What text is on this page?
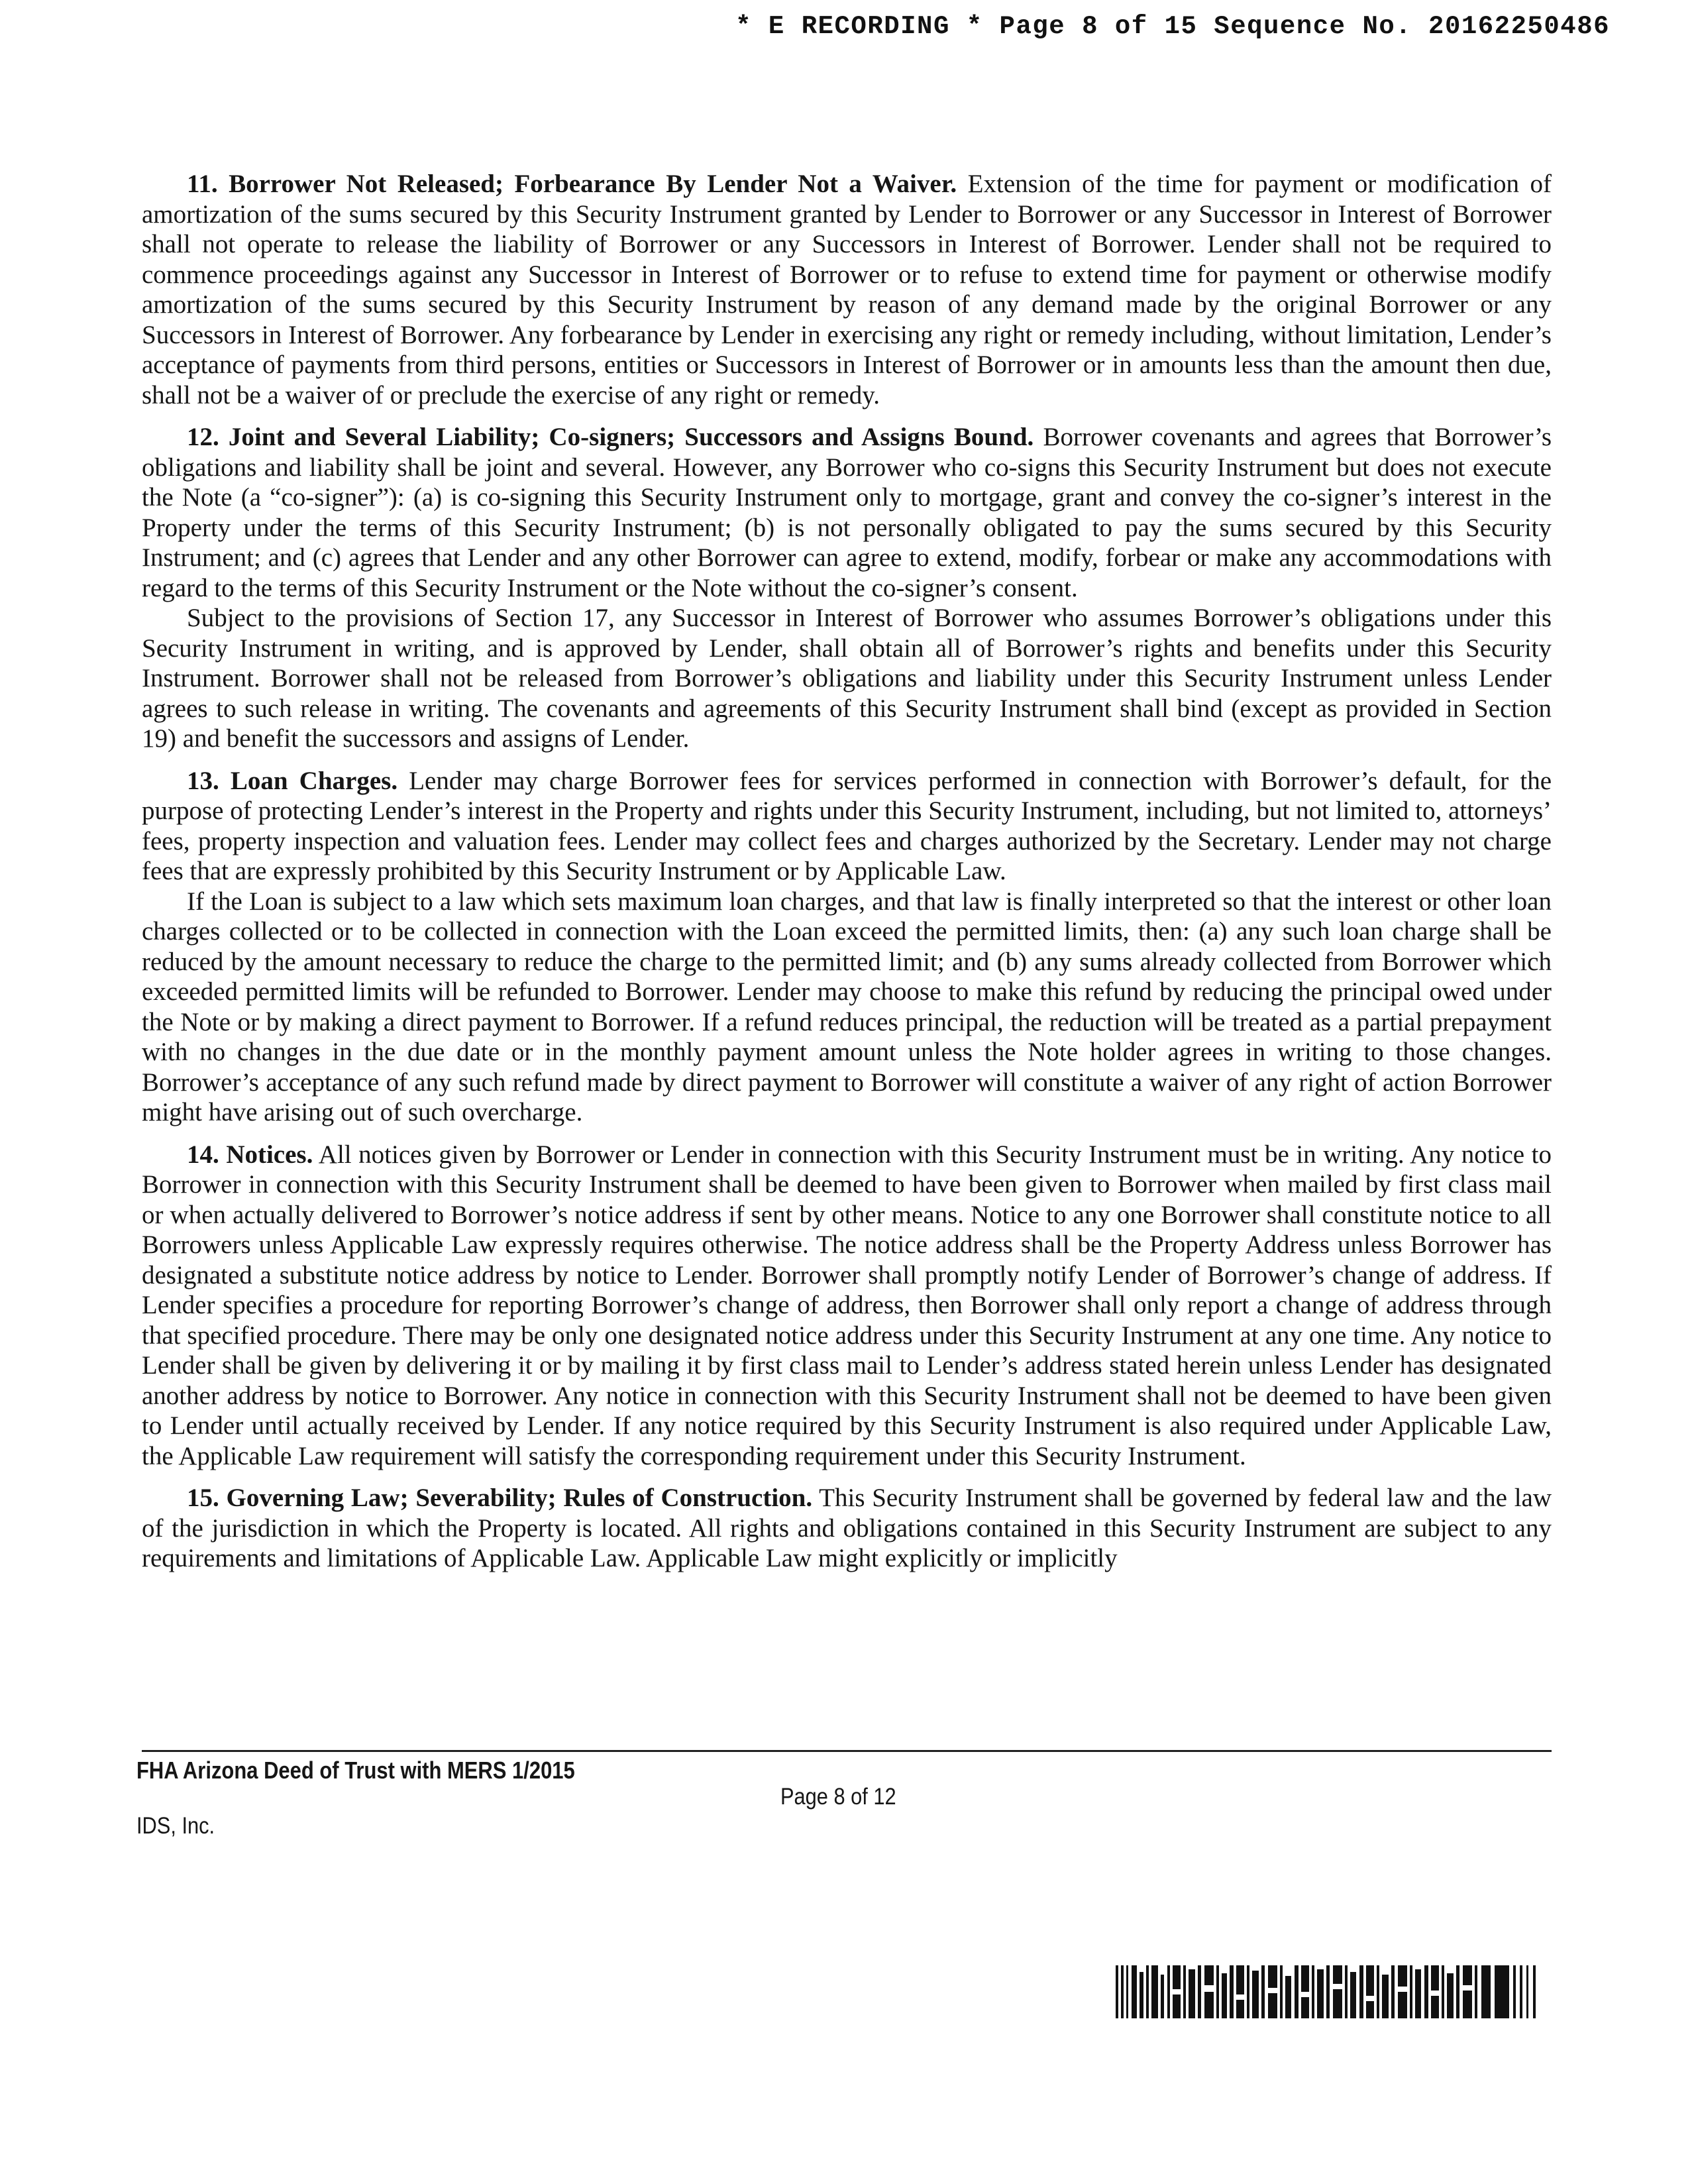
* E RECORDING * Page 8 of 15 Sequence No. 20162250486

11. Borrower Not Released; Forbearance By Lender Not a Waiver. Extension of the time for payment or modification of amortization of the sums secured by this Security Instrument granted by Lender to Borrower or any Successor in Interest of Borrower shall not operate to release the liability of Borrower or any Successors in Interest of Borrower. Lender shall not be required to commence proceedings against any Successor in Interest of Borrower or to refuse to extend time for payment or otherwise modify amortization of the sums secured by this Security Instrument by reason of any demand made by the original Borrower or any Successors in Interest of Borrower. Any forbearance by Lender in exercising any right or remedy including, without limitation, Lender’s acceptance of payments from third persons, entities or Successors in Interest of Borrower or in amounts less than the amount then due, shall not be a waiver of or preclude the exercise of any right or remedy.

12. Joint and Several Liability; Co-signers; Successors and Assigns Bound. Borrower covenants and agrees that Borrower’s obligations and liability shall be joint and several. However, any Borrower who co-signs this Security Instrument but does not execute the Note (a “co-signer”): (a) is co-signing this Security Instrument only to mortgage, grant and convey the co-signer’s interest in the Property under the terms of this Security Instrument; (b) is not personally obligated to pay the sums secured by this Security Instrument; and (c) agrees that Lender and any other Borrower can agree to extend, modify, forbear or make any accommodations with regard to the terms of this Security Instrument or the Note without the co-signer’s consent.

Subject to the provisions of Section 17, any Successor in Interest of Borrower who assumes Borrower’s obligations under this Security Instrument in writing, and is approved by Lender, shall obtain all of Borrower’s rights and benefits under this Security Instrument. Borrower shall not be released from Borrower’s obligations and liability under this Security Instrument unless Lender agrees to such release in writing. The covenants and agreements of this Security Instrument shall bind (except as provided in Section 19) and benefit the successors and assigns of Lender.

13. Loan Charges. Lender may charge Borrower fees for services performed in connection with Borrower’s default, for the purpose of protecting Lender’s interest in the Property and rights under this Security Instrument, including, but not limited to, attorneys’ fees, property inspection and valuation fees. Lender may collect fees and charges authorized by the Secretary. Lender may not charge fees that are expressly prohibited by this Security Instrument or by Applicable Law.

If the Loan is subject to a law which sets maximum loan charges, and that law is finally interpreted so that the interest or other loan charges collected or to be collected in connection with the Loan exceed the permitted limits, then: (a) any such loan charge shall be reduced by the amount necessary to reduce the charge to the permitted limit; and (b) any sums already collected from Borrower which exceeded permitted limits will be refunded to Borrower. Lender may choose to make this refund by reducing the principal owed under the Note or by making a direct payment to Borrower. If a refund reduces principal, the reduction will be treated as a partial prepayment with no changes in the due date or in the monthly payment amount unless the Note holder agrees in writing to those changes. Borrower’s acceptance of any such refund made by direct payment to Borrower will constitute a waiver of any right of action Borrower might have arising out of such overcharge.

14. Notices. All notices given by Borrower or Lender in connection with this Security Instrument must be in writing. Any notice to Borrower in connection with this Security Instrument shall be deemed to have been given to Borrower when mailed by first class mail or when actually delivered to Borrower’s notice address if sent by other means. Notice to any one Borrower shall constitute notice to all Borrowers unless Applicable Law expressly requires otherwise. The notice address shall be the Property Address unless Borrower has designated a substitute notice address by notice to Lender. Borrower shall promptly notify Lender of Borrower’s change of address. If Lender specifies a procedure for reporting Borrower’s change of address, then Borrower shall only report a change of address through that specified procedure. There may be only one designated notice address under this Security Instrument at any one time. Any notice to Lender shall be given by delivering it or by mailing it by first class mail to Lender’s address stated herein unless Lender has designated another address by notice to Borrower. Any notice in connection with this Security Instrument shall not be deemed to have been given to Lender until actually received by Lender. If any notice required by this Security Instrument is also required under Applicable Law, the Applicable Law requirement will satisfy the corresponding requirement under this Security Instrument.

15. Governing Law; Severability; Rules of Construction. This Security Instrument shall be governed by federal law and the law of the jurisdiction in which the Property is located. All rights and obligations contained in this Security Instrument are subject to any requirements and limitations of Applicable Law. Applicable Law might explicitly or implicitly

FHA Arizona Deed of Trust with MERS 1/2015
Page 8 of 12
IDS, Inc.
